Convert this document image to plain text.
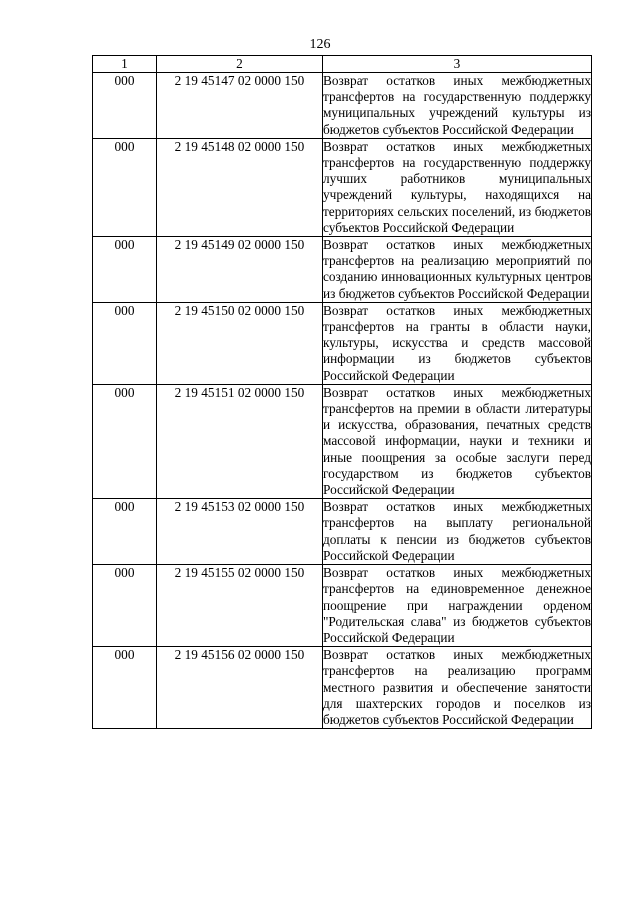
126
1	2	3
000	2 19 45147 02 0000 150	Возврат остатков иных межбюджетных трансфертов на государственную поддержку муниципальных учреждений культуры из бюджетов субъектов Российской Федерации
000	2 19 45148 02 0000 150	Возврат остатков иных межбюджетных трансфертов на государственную поддержку лучших работников муниципальных учреждений культуры, находящихся на территориях сельских поселений, из бюджетов субъектов Российской Федерации
000	2 19 45149 02 0000 150	Возврат остатков иных межбюджетных трансфертов на реализацию мероприятий по созданию инновационных культурных центров из бюджетов субъектов Российской Федерации
000	2 19 45150 02 0000 150	Возврат остатков иных межбюджетных трансфертов на гранты в области науки, культуры, искусства и средств массовой информации из бюджетов субъектов Российской Федерации
000	2 19 45151 02 0000 150	Возврат остатков иных межбюджетных трансфертов на премии в области литературы и искусства, образования, печатных средств массовой информации, науки и техники и иные поощрения за особые заслуги перед государством из бюджетов субъектов Российской Федерации
000	2 19 45153 02 0000 150	Возврат остатков иных межбюджетных трансфертов на выплату региональной доплаты к пенсии из бюджетов субъектов Российской Федерации
000	2 19 45155 02 0000 150	Возврат остатков иных межбюджетных трансфертов на единовременное денежное поощрение при награждении орденом "Родительская слава" из бюджетов субъектов Российской Федерации
000	2 19 45156 02 0000 150	Возврат остатков иных межбюджетных трансфертов на реализацию программ местного развития и обеспечение занятости для шахтерских городов и поселков из бюджетов субъектов Российской Федерации
